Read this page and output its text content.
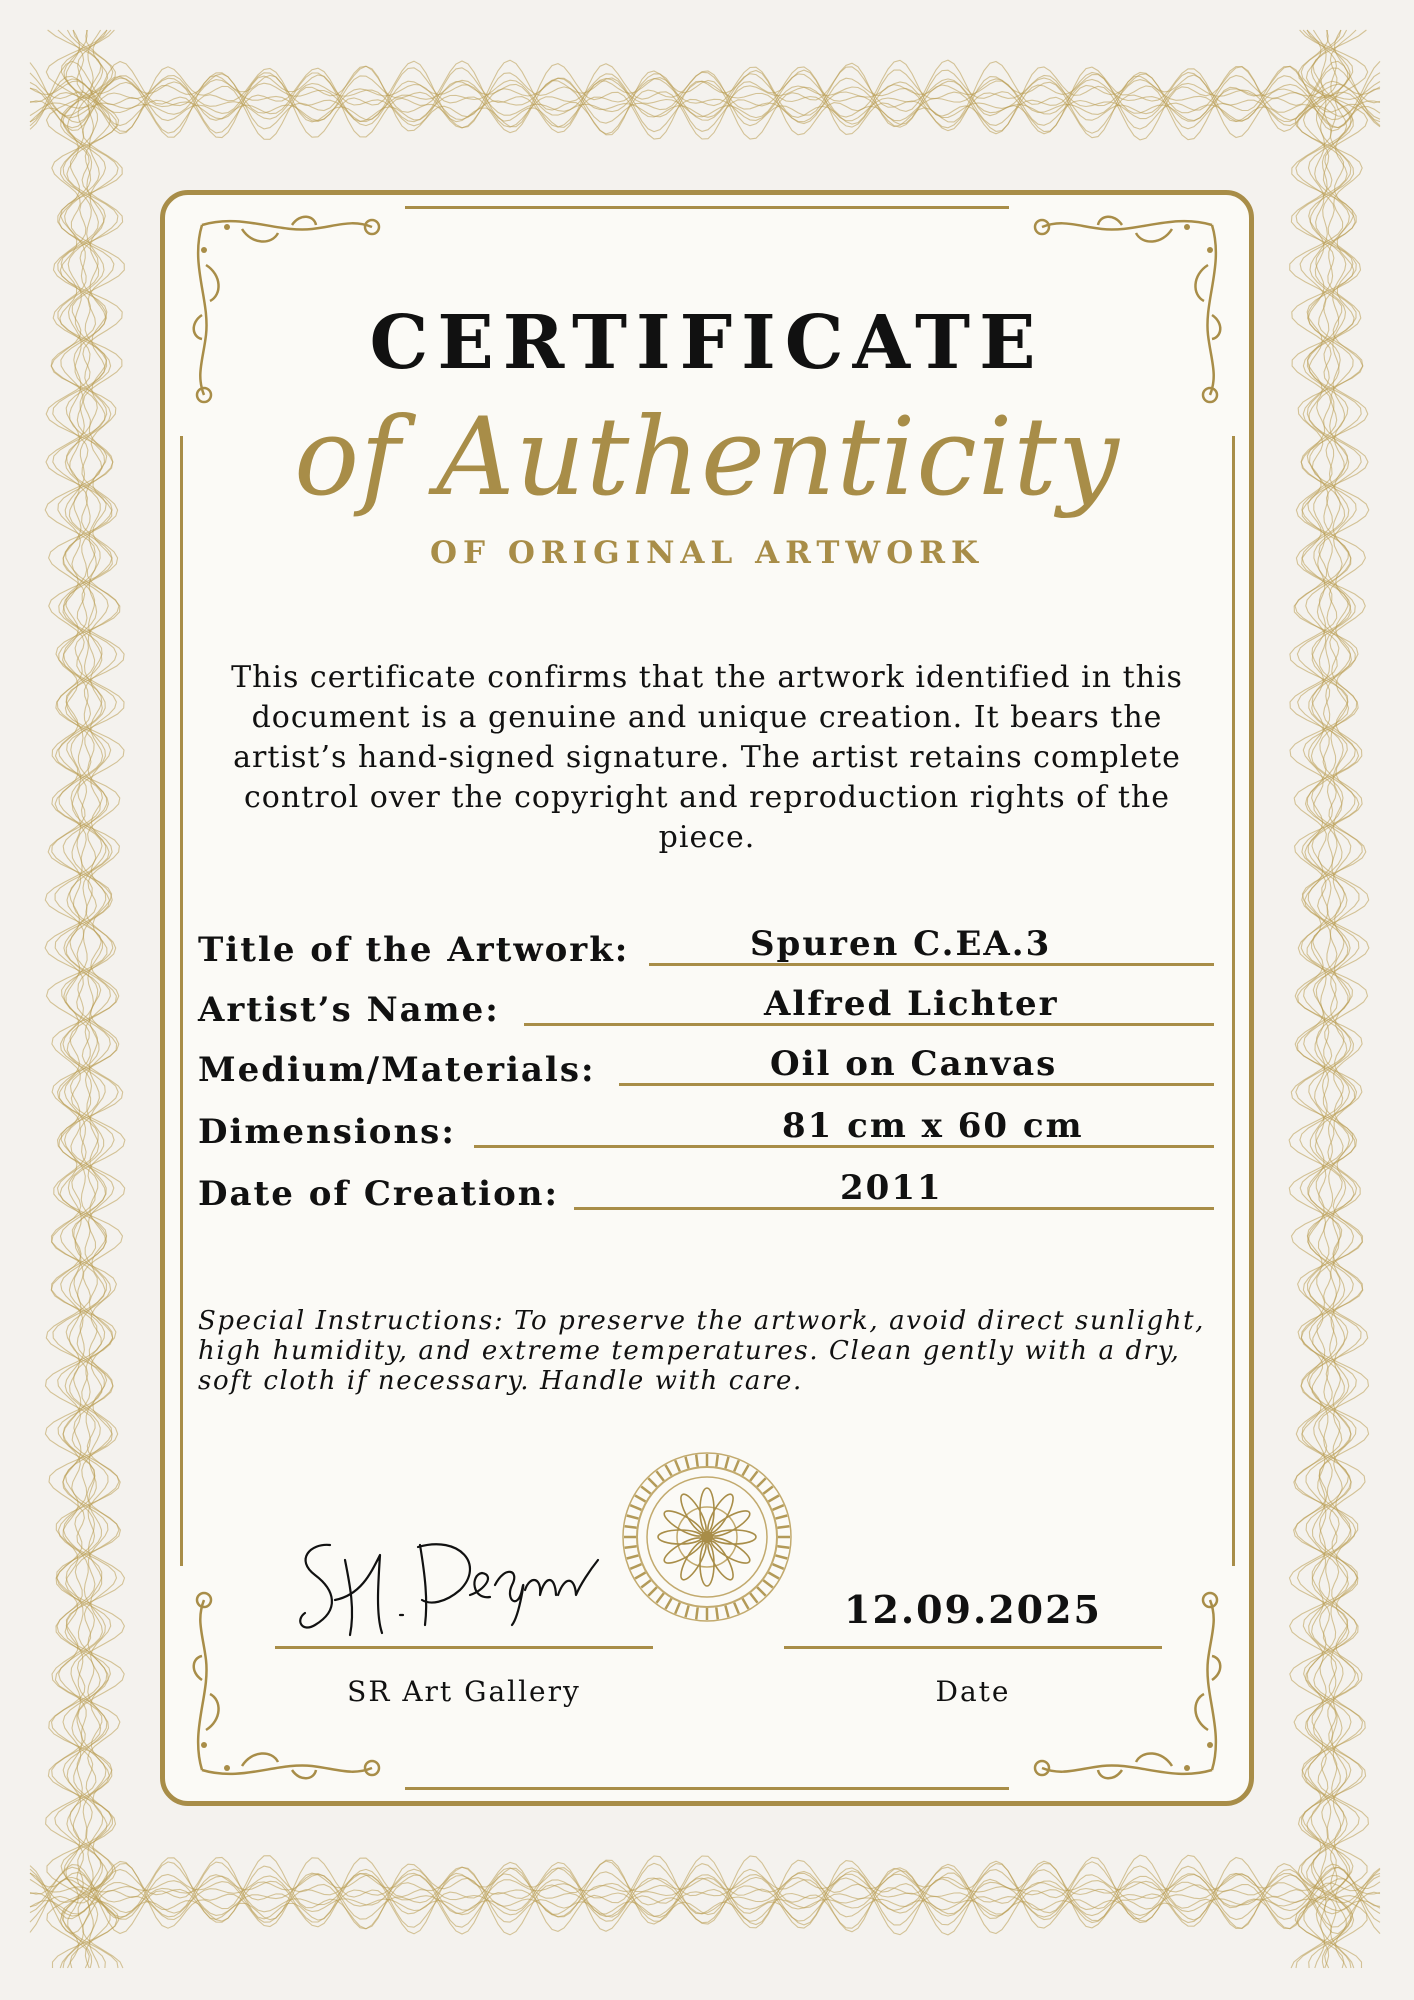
CERTIFICATE
of Authenticity
OF ORIGINAL ARTWORK
This certificate confirms that the artwork identified in this document is a genuine and unique creation. It bears the artist’s hand-signed signature. The artist retains complete control over the copyright and reproduction rights of the piece.
Title of the Artwork:	Spuren C.EA.3
Artist’s Name:	Alfred Lichter
Medium/Materials:	Oil on Canvas
Dimensions:	81 cm x 60 cm
Date of Creation:	2011
Special Instructions: To preserve the artwork, avoid direct sunlight, high humidity, and extreme temperatures. Clean gently with a dry, soft cloth if necessary. Handle with care.
SR Art Gallery
12.09.2025
Date
